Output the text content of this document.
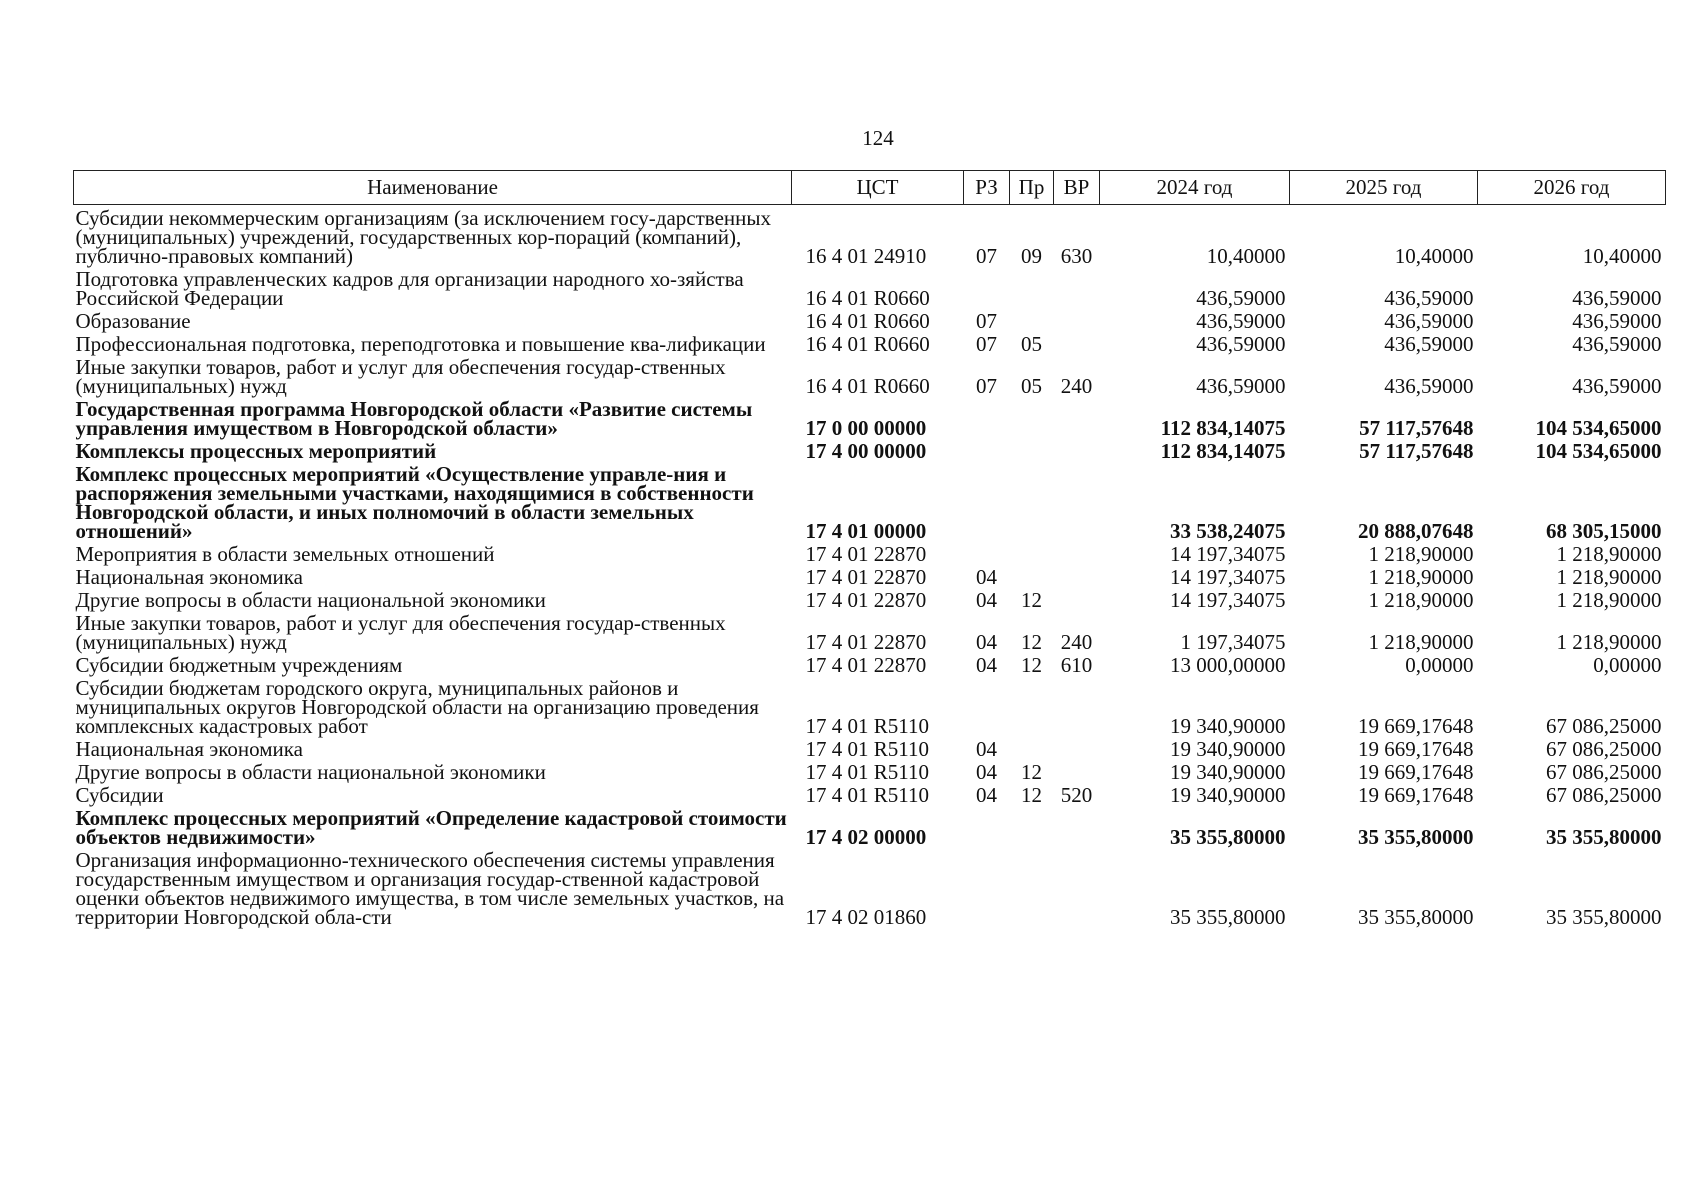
124
Наименование	ЦСТ	РЗ	Пр	ВР	2024 год	2025 год	2026 год
Субсидии некоммерческим организациям (за исключением госу-дарственных (муниципальных) учреждений, государственных кор-пораций (компаний), публично-правовых компаний)	16 4 01 24910	07	09	630	10,40000	10,40000	10,40000
Подготовка управленческих кадров для организации народного хо-зяйства Российской Федерации	16 4 01 R0660				436,59000	436,59000	436,59000
Образование	16 4 01 R0660	07			436,59000	436,59000	436,59000
Профессиональная подготовка, переподготовка и повышение ква-лификации	16 4 01 R0660	07	05		436,59000	436,59000	436,59000
Иные закупки товаров, работ и услуг для обеспечения государ-ственных (муниципальных) нужд	16 4 01 R0660	07	05	240	436,59000	436,59000	436,59000
Государственная программа Новгородской области «Развитие системы управления имуществом в Новгородской области»	17 0 00 00000				112 834,14075	57 117,57648	104 534,65000
Комплексы процессных мероприятий	17 4 00 00000				112 834,14075	57 117,57648	104 534,65000
Комплекс процессных мероприятий «Осуществление управле-ния и распоряжения земельными участками, находящимися в собственности Новгородской области, и иных полномочий в области земельных отношений»	17 4 01 00000				33 538,24075	20 888,07648	68 305,15000
Мероприятия в области земельных отношений	17 4 01 22870				14 197,34075	1 218,90000	1 218,90000
Национальная экономика	17 4 01 22870	04			14 197,34075	1 218,90000	1 218,90000
Другие вопросы в области национальной экономики	17 4 01 22870	04	12		14 197,34075	1 218,90000	1 218,90000
Иные закупки товаров, работ и услуг для обеспечения государ-ственных (муниципальных) нужд	17 4 01 22870	04	12	240	1 197,34075	1 218,90000	1 218,90000
Субсидии бюджетным учреждениям	17 4 01 22870	04	12	610	13 000,00000	0,00000	0,00000
Субсидии бюджетам городского округа, муниципальных районов и муниципальных округов Новгородской области на организацию проведения комплексных кадастровых работ	17 4 01 R5110				19 340,90000	19 669,17648	67 086,25000
Национальная экономика	17 4 01 R5110	04			19 340,90000	19 669,17648	67 086,25000
Другие вопросы в области национальной экономики	17 4 01 R5110	04	12		19 340,90000	19 669,17648	67 086,25000
Субсидии	17 4 01 R5110	04	12	520	19 340,90000	19 669,17648	67 086,25000
Комплекс процессных мероприятий «Определение кадастровой стоимости объектов недвижимости»	17 4 02 00000				35 355,80000	35 355,80000	35 355,80000
Организация информационно-технического обеспечения системы управления государственным имуществом и организация государ-ственной кадастровой оценки объектов недвижимого имущества, в том числе земельных участков, на территории Новгородской обла-сти	17 4 02 01860				35 355,80000	35 355,80000	35 355,80000
